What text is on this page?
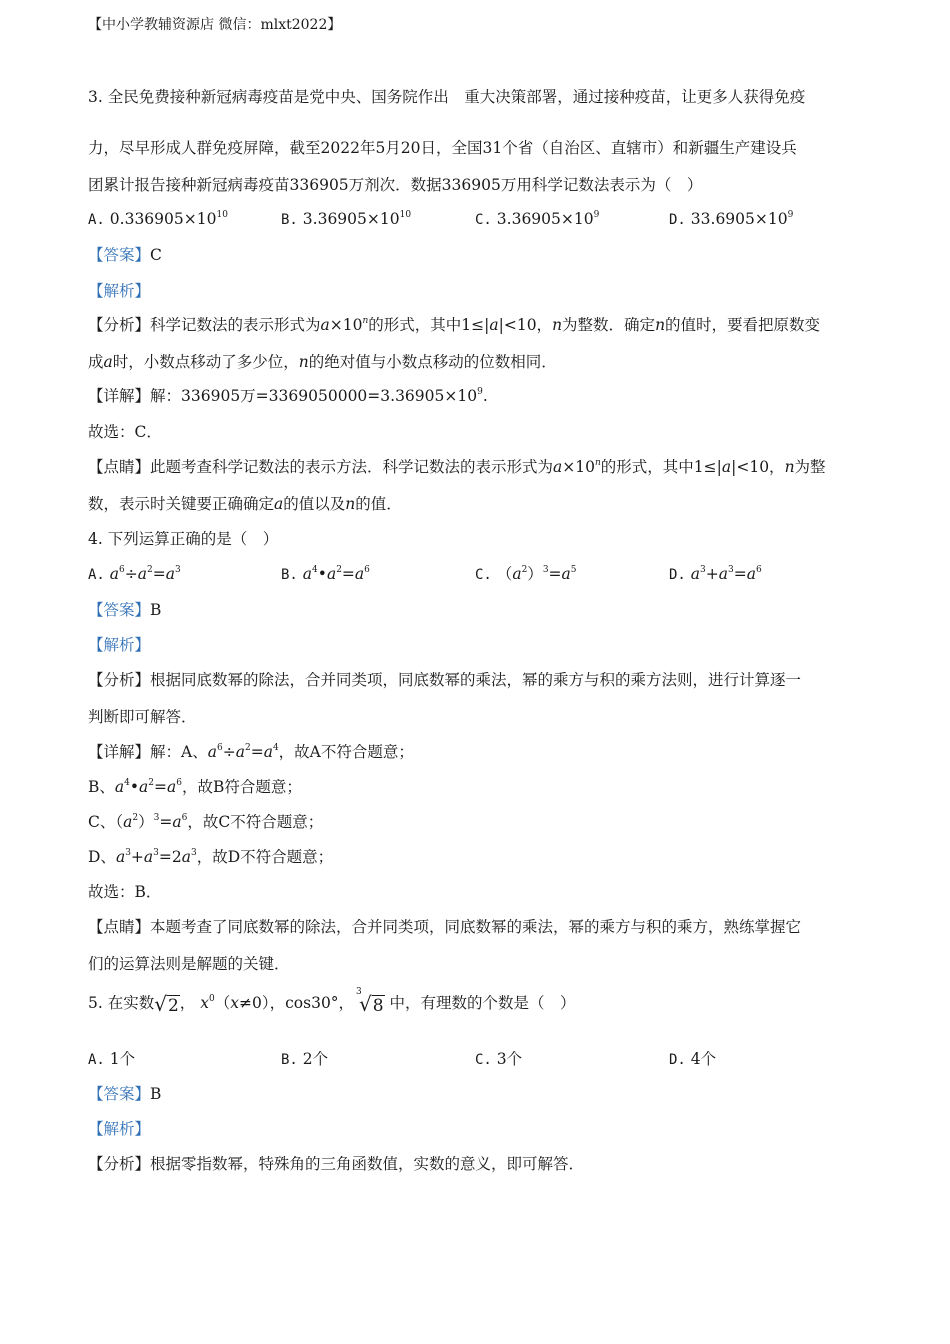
【中小学教辅资源店 微信：mlxt2022】
3. 全民免费接种新冠病毒疫苗是党中央、国务院作出　重大决策部署，通过接种疫苗，让更多人获得免疫
力，尽早形成人群免疫屏障，截至2022年5月20日，全国31个省（自治区、直辖市）和新疆生产建设兵
团累计报告接种新冠病毒疫苗336905万剂次．数据336905万用科学记数法表示为（　）
A. $0.336905\times 10^{10}$	B. $3.36905\times 10^{10}$	C. $3.36905\times 10^9$	D. $33.6905\times 10^9$
【答案】C
【解析】
【分析】科学记数法的表示形式为$a\times 10^n$的形式，其中1≤|a|<10，n为整数．确定n的值时，要看把原数变
成a时，小数点移动了多少位，n的绝对值与小数点移动的位数相同．
【详解】解：336905万$=3369050000=3.36905\times 10^9$.
故选：C．
【点睛】此题考查科学记数法的表示方法．科学记数法的表示形式为$a\times 10^n$的形式，其中1≤|a|<10，n为整
数，表示时关键要正确确定a的值以及n的值．
4. 下列运算正确的是（　）
A. $a^6\div a^2=a^3$	B. $a^4•a^2=a^6$	C. $(a^2)^3=a^5$	D. $a^3+a^3=a^6$
【答案】B
【解析】
【分析】根据同底数幂的除法，合并同类项，同底数幂的乘法，幂的乘方与积的乘方法则，进行计算逐一
判断即可解答．
【详解】解：A、$a^6\div a^2=a^4$，故A不符合题意；
B、$a^4•a^2=a^6$，故B符合题意；
C、$(a^2)^3=a^6$，故C不符合题意；
D、$a^3+a^3=2a^3$，故D不符合题意；
故选：B．
【点睛】本题考查了同底数幂的除法，合并同类项，同底数幂的乘法，幂的乘方与积的乘方，熟练掌握它
们的运算法则是解题的关键．
5. 在实数√2， $x^0(x\ne 0)$，cos30°，
3
√8 中，有理数的个数是（　）
A. 1个	B. 2个	C. 3个	D. 4个
【答案】B
【解析】
【分析】根据零指数幂，特殊角的三角函数值，实数的意义，即可解答．
